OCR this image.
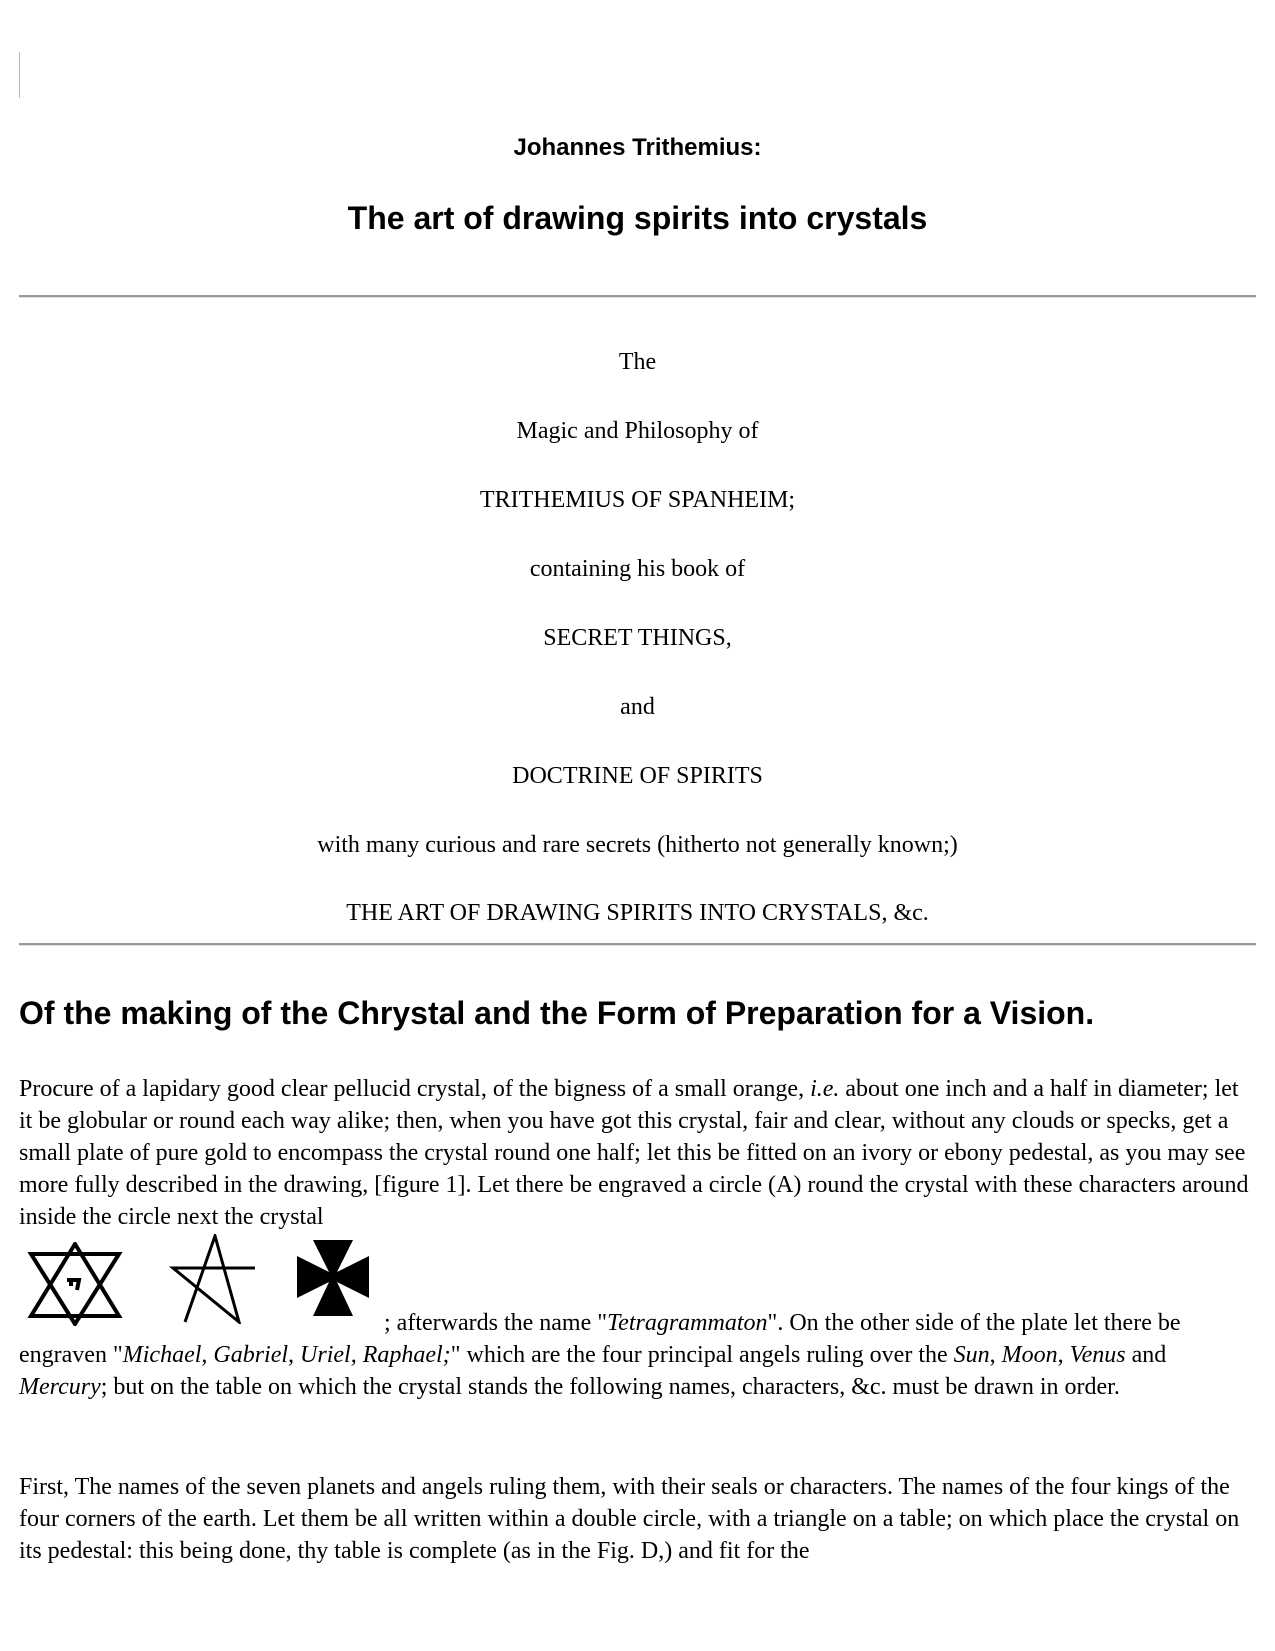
Johannes Trithemius:
The art of drawing spirits into crystals
The
Magic and Philosophy of
TRITHEMIUS OF SPANHEIM;
containing his book of
SECRET THINGS,
and
DOCTRINE OF SPIRITS
with many curious and rare secrets (hitherto not generally known;)
THE ART OF DRAWING SPIRITS INTO CRYSTALS, &c.
Of the making of the Chrystal and the Form of Preparation for a Vision.

Procure of a lapidary good clear pellucid crystal, of the bigness of a small orange, i.e. about one inch and a half in diameter; let it be globular or round each way alike; then, when you have got this crystal, fair and clear, without any clouds or specks, get a small plate of pure gold to encompass the crystal round one half; let this be fitted on an ivory or ebony pedestal, as you may see more fully described in the drawing, [figure 1]. Let there be engraved a circle (A) round the crystal with these characters around inside the circle next the crystal

; afterwards the name "Tetragrammaton". On the other side of the plate let there be engraven "Michael, Gabriel, Uriel, Raphael;" which are the four principal angels ruling over the Sun, Moon, Venus and Mercury; but on the table on which the crystal stands the following names, characters, &c. must be drawn in order.

First, The names of the seven planets and angels ruling them, with their seals or characters. The names of the four kings of the four corners of the earth. Let them be all written within a double circle, with a triangle on a table; on which place the crystal on its pedestal: this being done, thy table is complete (as in the Fig. D,) and fit for the
